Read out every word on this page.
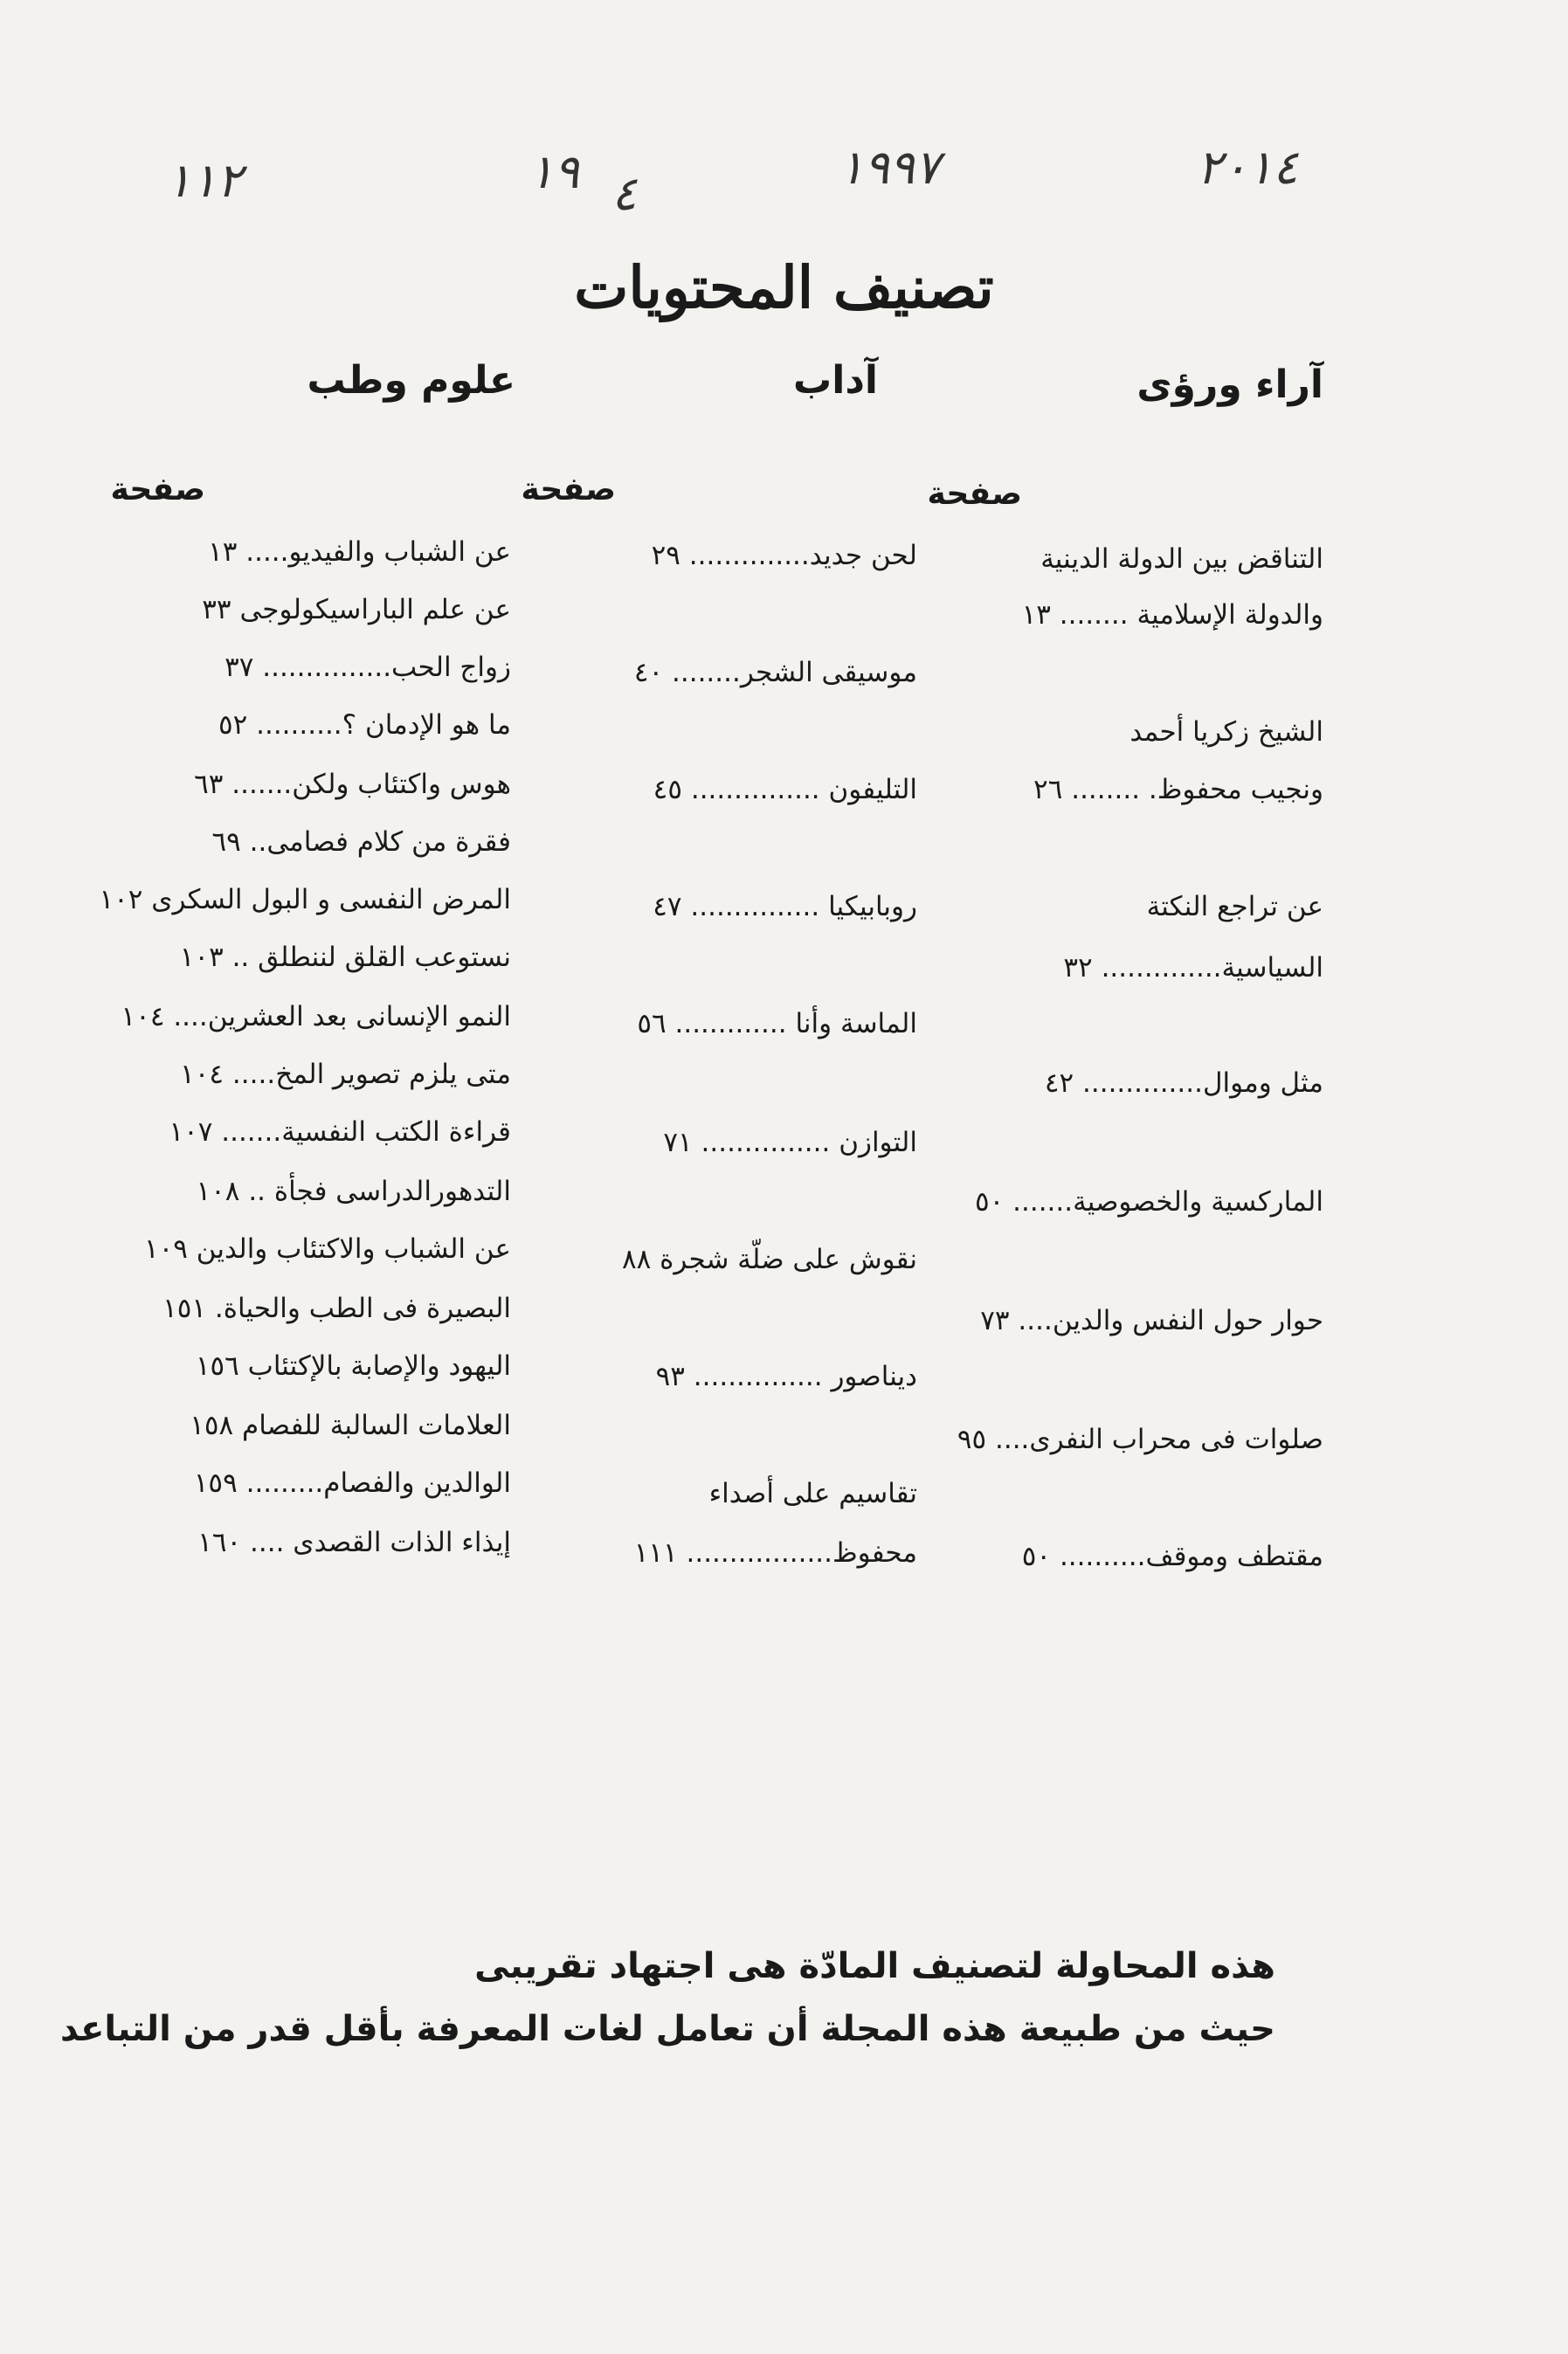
٢٠١٤
١٩٩٧
٤
١٩
١١٢
تصنيف المحتويات
آراء ورؤى
آداب
علوم وطب
صفحة
صفحة
صفحة
التناقض بين الدولة الدينية
والدولة الإسلامية ........ ١٣
الشيخ زكريا أحمد
ونجيب محفوظ. ........ ٢٦
عن تراجع النكتة
السياسية.............. ٣٢
مثل وموال.............. ٤٢
الماركسية والخصوصية....... ٥٠
حوار حول النفس والدين.... ٧٣
صلوات فى محراب النفرى.... ٩٥
مقتطف وموقف.......... ٥٠
لحن جديد.............. ٢٩
موسيقى الشجر........ ٤٠
التليفون ............... ٤٥
روبابيكيا ............... ٤٧
الماسة وأنا ............. ٥٦
التوازن ............... ٧١
نقوش على ضلّة شجرة ٨٨
ديناصور ............... ٩٣
تقاسيم على أصداء
محفوظ................. ١١١
عن الشباب والفيديو..... ١٣
عن علم الباراسيكولوجى ٣٣
زواج الحب............... ٣٧
ما هو الإدمان ؟.......... ٥٢
هوس واكتئاب ولكن....... ٦٣
فقرة من كلام فصامى.. ٦٩
المرض النفسى و البول السكرى ١٠٢
نستوعب القلق لننطلق .. ١٠٣
النمو الإنسانى بعد العشرين.... ١٠٤
متى يلزم تصوير المخ..... ١٠٤
قراءة الكتب النفسية....... ١٠٧
التدهورالدراسى فجأة .. ١٠٨
عن الشباب والاكتئاب والدين ١٠٩
البصيرة فى الطب والحياة. ١٥١
اليهود والإصابة بالإكتئاب ١٥٦
العلامات السالبة للفصام ١٥٨
الوالدين والفصام......... ١٥٩
إيذاء الذات القصدى .... ١٦٠
هذه المحاولة لتصنيف المادّة هى اجتهاد تقريبى
حيث من طبيعة هذه المجلة أن تعامل لغات المعرفة بأقل قدر من التباعد
